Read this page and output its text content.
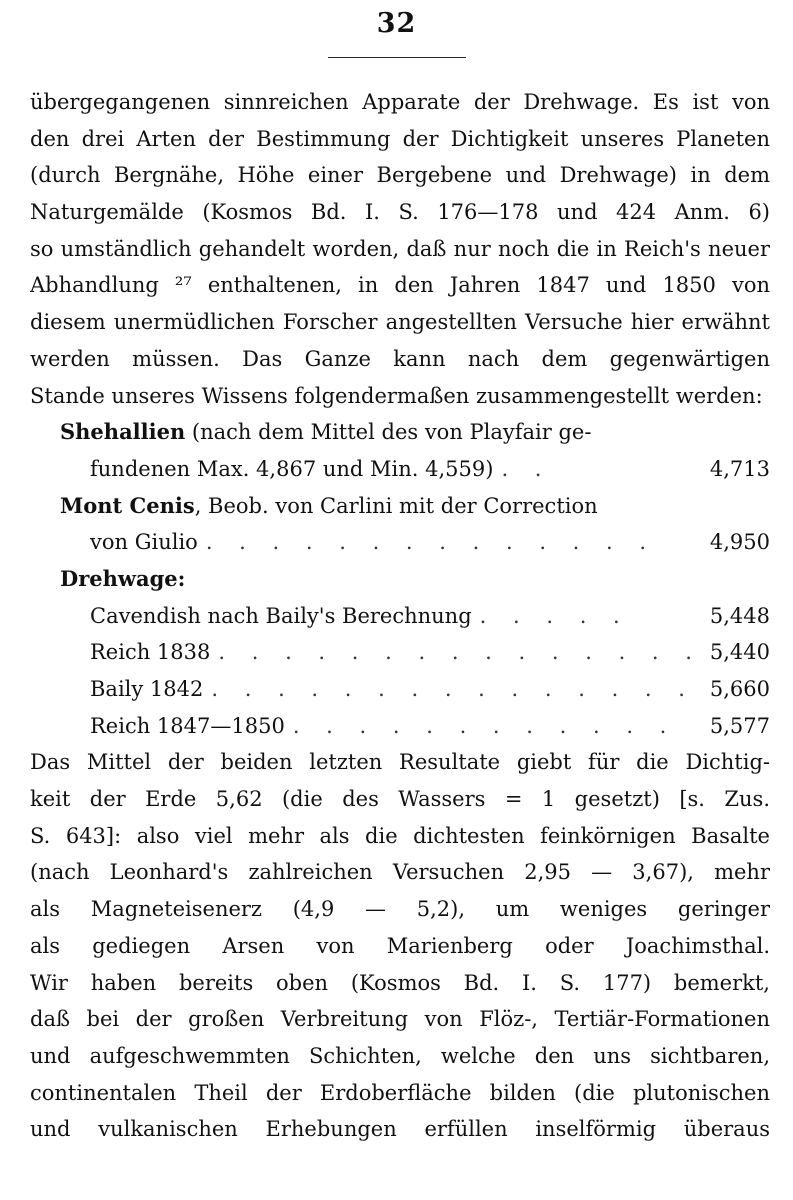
32
übergegangenen sinnreichen Apparate der Drehwage. Es ist von
den drei Arten der Bestimmung der Dichtigkeit unseres Planeten
(durch Bergnähe, Höhe einer Bergebene und Drehwage) in dem
Naturgemälde (Kosmos Bd. I. S. 176—178 und 424 Anm. 6)
so umständlich gehandelt worden, daß nur noch die in Reich's neuer
Abhandlung ²⁷ enthaltenen, in den Jahren 1847 und 1850 von
diesem unermüdlichen Forscher angestellten Versuche hier erwähnt
werden müssen. Das Ganze kann nach dem gegenwärtigen
Stande unseres Wissens folgendermaßen zusammengestellt werden:
Shehallien (nach dem Mittel des von Playfair ge-
fundenen Max. 4,867 und Min. 4,559) . .	4,713
Mont Cenis, Beob. von Carlini mit der Correction
von Giulio . . . . . . . . . . . . . .	4,950
Drehwage:
Cavendish nach Baily's Berechnung . . . . .	5,448
Reich 1838 . . . . . . . . . . . . . . . 5,440
Baily 1842 . . . . . . . . . . . . . . . 5,660
Reich 1847—1850 . . . . . . . . . . . .	5,577
Das Mittel der beiden letzten Resultate giebt für die Dichtig-
keit der Erde 5,62 (die des Wassers = 1 gesetzt) [s. Zus.
S. 643]: also viel mehr als die dichtesten feinkörnigen Basalte
(nach Leonhard's zahlreichen Versuchen 2,95 — 3,67), mehr
als Magneteisenerz (4,9 — 5,2), um weniges geringer
als gediegen Arsen von Marienberg oder Joachimsthal.
Wir haben bereits oben (Kosmos Bd. I. S. 177) bemerkt,
daß bei der großen Verbreitung von Flöz-, Tertiär-Formationen
und aufgeschwemmten Schichten, welche den uns sichtbaren,
continentalen Theil der Erdoberfläche bilden (die plutonischen
und vulkanischen Erhebungen erfüllen inselförmig überaus
